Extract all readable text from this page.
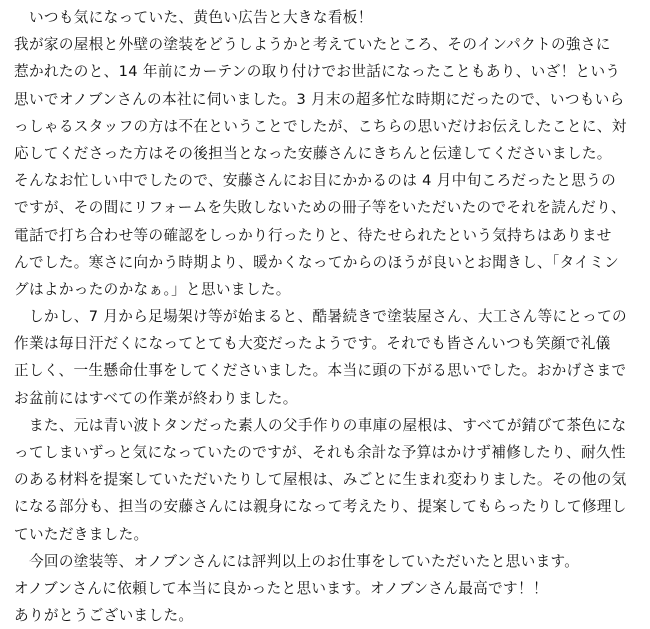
　いつも気になっていた、黄色い広告と大きな看板！
我が家の屋根と外壁の塗装をどうしようかと考えていたところ、そのインパクトの強さに
惹かれたのと、14 年前にカーテンの取り付けでお世話になったこともあり、いざ！という
思いでオノブンさんの本社に伺いました。3 月末の超多忙な時期にだったので、いつもいら
っしゃるスタッフの方は不在ということでしたが、こちらの思いだけお伝えしたことに、対
応してくださった方はその後担当となった安藤さんにきちんと伝達してくださいました。
そんなお忙しい中でしたので、安藤さんにお目にかかるのは 4 月中旬ころだったと思うの
ですが、その間にリフォームを失敗しないための冊子等をいただいたのでそれを読んだり、
電話で打ち合わせ等の確認をしっかり行ったりと、待たせられたという気持ちはありませ
んでした。寒さに向かう時期より、暖かくなってからのほうが良いとお聞きし、「タイミン
グはよかったのかなぁ。」と思いました。
　しかし、7 月から足場架け等が始まると、酷暑続きで塗装屋さん、大工さん等にとっての
作業は毎日汗だくになってとても大変だったようです。それでも皆さんいつも笑顔で礼儀
正しく、一生懸命仕事をしてくださいました。本当に頭の下がる思いでした。おかげさまで
お盆前にはすべての作業が終わりました。
　また、元は青い波トタンだった素人の父手作りの車庫の屋根は、すべてが錆びて茶色にな
ってしまいずっと気になっていたのですが、それも余計な予算はかけず補修したり、耐久性
のある材料を提案していただいたりして屋根は、みごとに生まれ変わりました。その他の気
になる部分も、担当の安藤さんには親身になって考えたり、提案してもらったりして修理し
ていただきました。
　今回の塗装等、オノブンさんには評判以上のお仕事をしていただいたと思います。
オノブンさんに依頼して本当に良かったと思います。オノブンさん最高です！！
ありがとうございました。
